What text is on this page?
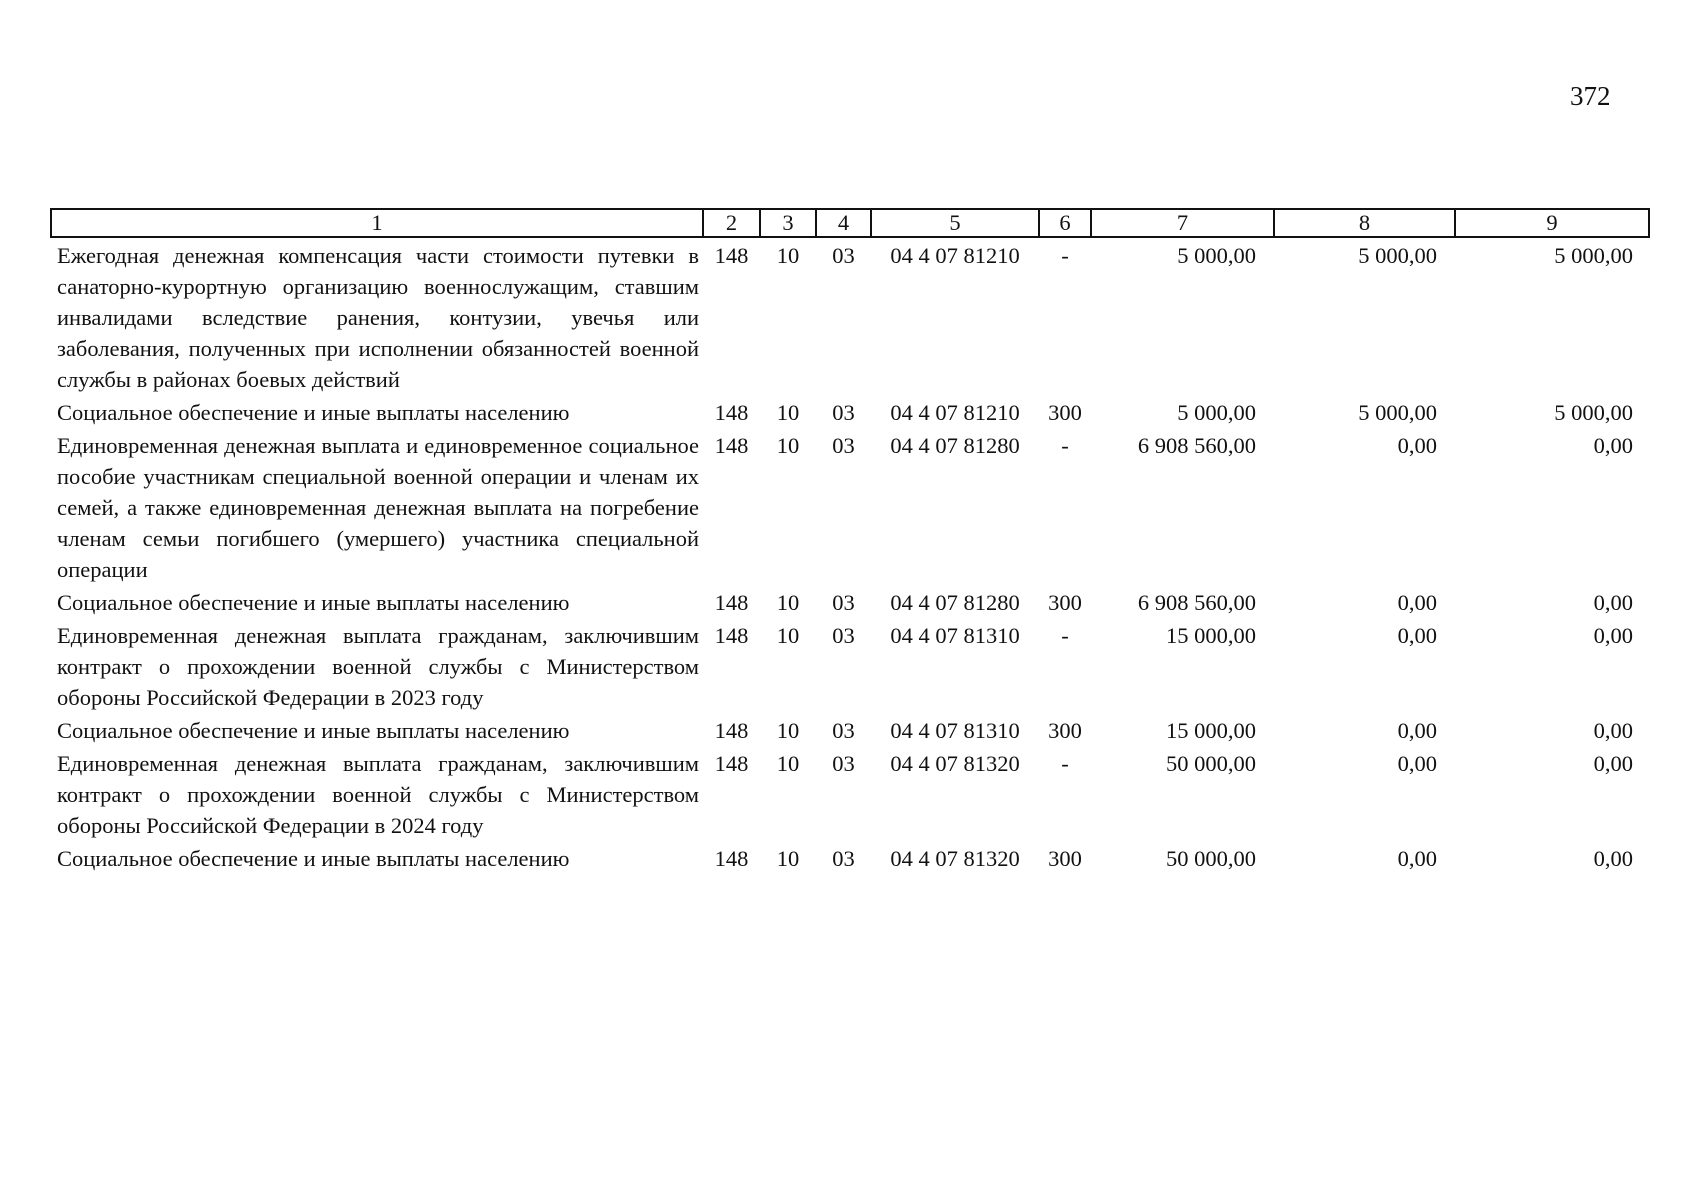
372
1	2	3	4	5	6	7	8	9
Ежегодная денежная компенсация части стоимости путевки в санаторно-курортную организацию военнослужащим, ставшим инвалидами вследствие ранения, контузии, увечья или заболевания, полученных при исполнении обязанностей военной службы в районах боевых действий	148	10	03	04 4 07 81210	-	5 000,00	5 000,00	5 000,00
Социальное обеспечение и иные выплаты населению	148	10	03	04 4 07 81210	300	5 000,00	5 000,00	5 000,00
Единовременная денежная выплата и единовременное социальное пособие участникам специальной военной операции и членам их семей, а также единовременная денежная выплата на погребение членам семьи погибшего (умершего) участника специальной операции	148	10	03	04 4 07 81280	-	6 908 560,00	0,00	0,00
Социальное обеспечение и иные выплаты населению	148	10	03	04 4 07 81280	300	6 908 560,00	0,00	0,00
Единовременная денежная выплата гражданам, заключившим контракт о прохождении военной службы с Министерством обороны Российской Федерации в 2023 году	148	10	03	04 4 07 81310	-	15 000,00	0,00	0,00
Социальное обеспечение и иные выплаты населению	148	10	03	04 4 07 81310	300	15 000,00	0,00	0,00
Единовременная денежная выплата гражданам, заключившим контракт о прохождении военной службы с Министерством обороны Российской Федерации в 2024 году	148	10	03	04 4 07 81320	-	50 000,00	0,00	0,00
Социальное обеспечение и иные выплаты населению	148	10	03	04 4 07 81320	300	50 000,00	0,00	0,00
